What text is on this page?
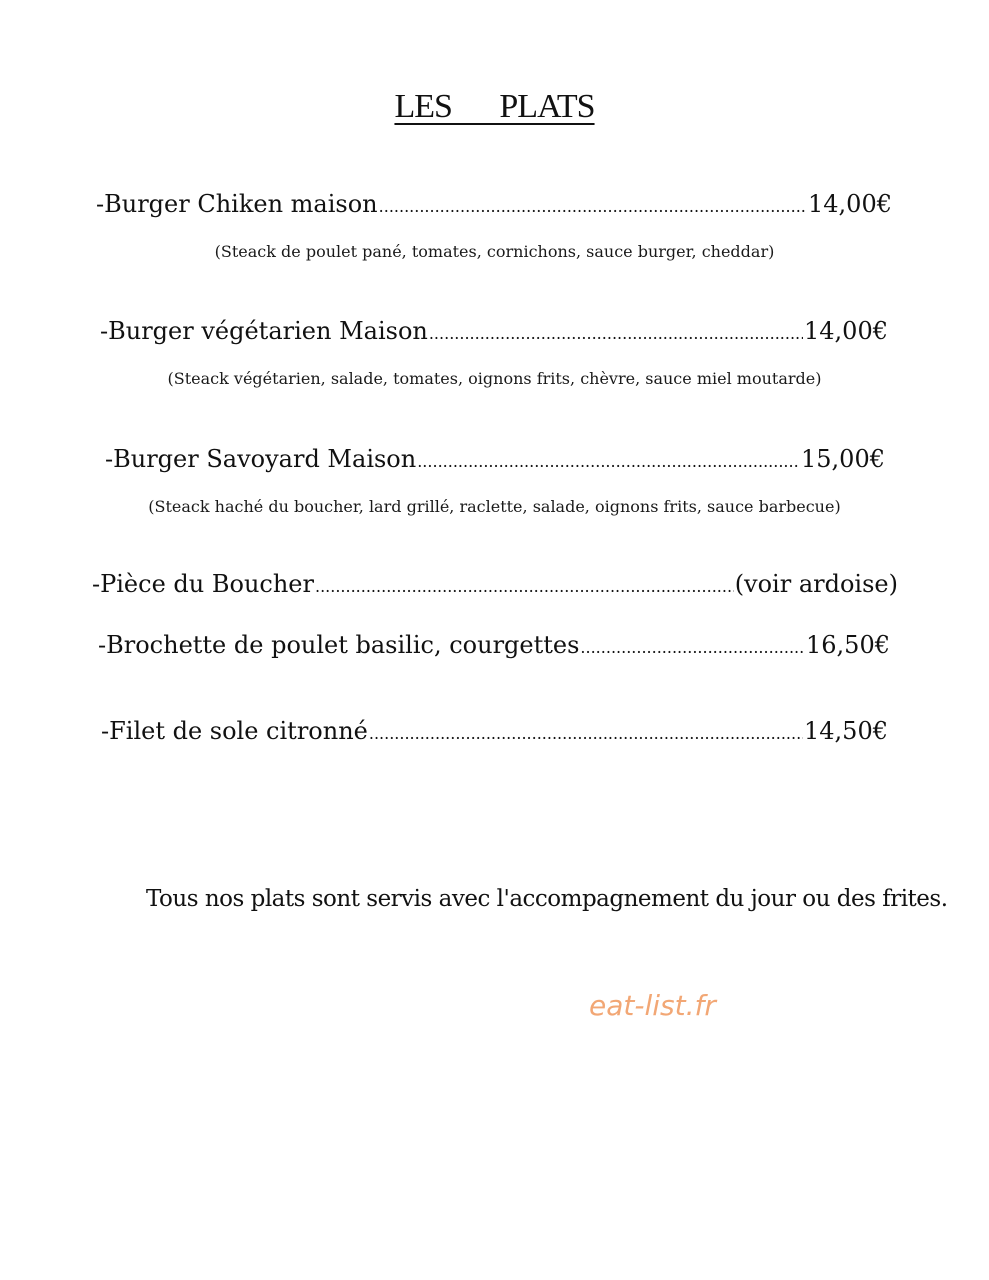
LES PLATS
-Burger Chiken maison .....	14,00€
(Steack de poulet pané, tomates, cornichons, sauce burger, cheddar)
-Burger végétarien Maison .....	14,00€
(Steack végétarien, salade, tomates, oignons frits, chèvre, sauce miel moutarde)
-Burger Savoyard Maison .....	15,00€
(Steack haché du boucher, lard grillé, raclette, salade, oignons frits, sauce barbecue)
-Pièce du Boucher .....	(voir ardoise)
-Brochette de poulet basilic, courgettes .....	16,50€
-Filet de sole citronné .....	14,50€
Tous nos plats sont servis avec l'accompagnement du jour ou des frites.
eat-list.fr
